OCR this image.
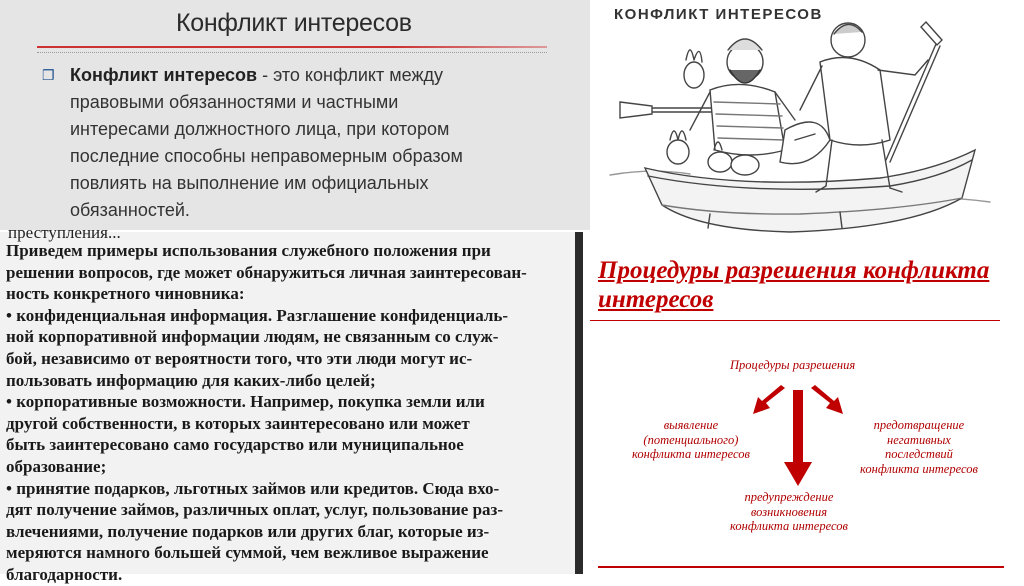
Конфликт интересов
❒ Конфликт интересов - это конфликт между
правовыми обязанностями и частными
интересами должностного лица, при котором
последние способны неправомерным образом
повлиять на выполнение им официальных
обязанностей.
преступления...
Приведем примеры использования служебного положения при
решении вопросов, где может обнаружиться личная заинтересован-
ность конкретного чиновника:
• конфиденциальная информация. Разглашение конфиденциаль-
ной корпоративной информации людям, не связанным со служ-
бой, независимо от вероятности того, что эти люди могут ис-
пользовать информацию для каких-либо целей;
• корпоративные возможности. Например, покупка земли или
другой собственности, в которых заинтересовано или может
быть заинтересовано само государство или муниципальное
образование;
• принятие подарков, льготных займов или кредитов. Сюда вхо-
дят получение займов, различных оплат, услуг, пользование раз-
влечениями, получение подарков или других благ, которые из-
меряются намного большей суммой, чем вежливое выражение
благодарности.
КОНФЛИКТ ИНТЕРЕСОВ
Процедуры разрешения конфликта интересов
Процедуры разрешения
выявление
(потенциального)
конфликта интересов
предотвращение
негативных
последствий
конфликта интересов
предупреждение
возникновения
конфликта интересов
